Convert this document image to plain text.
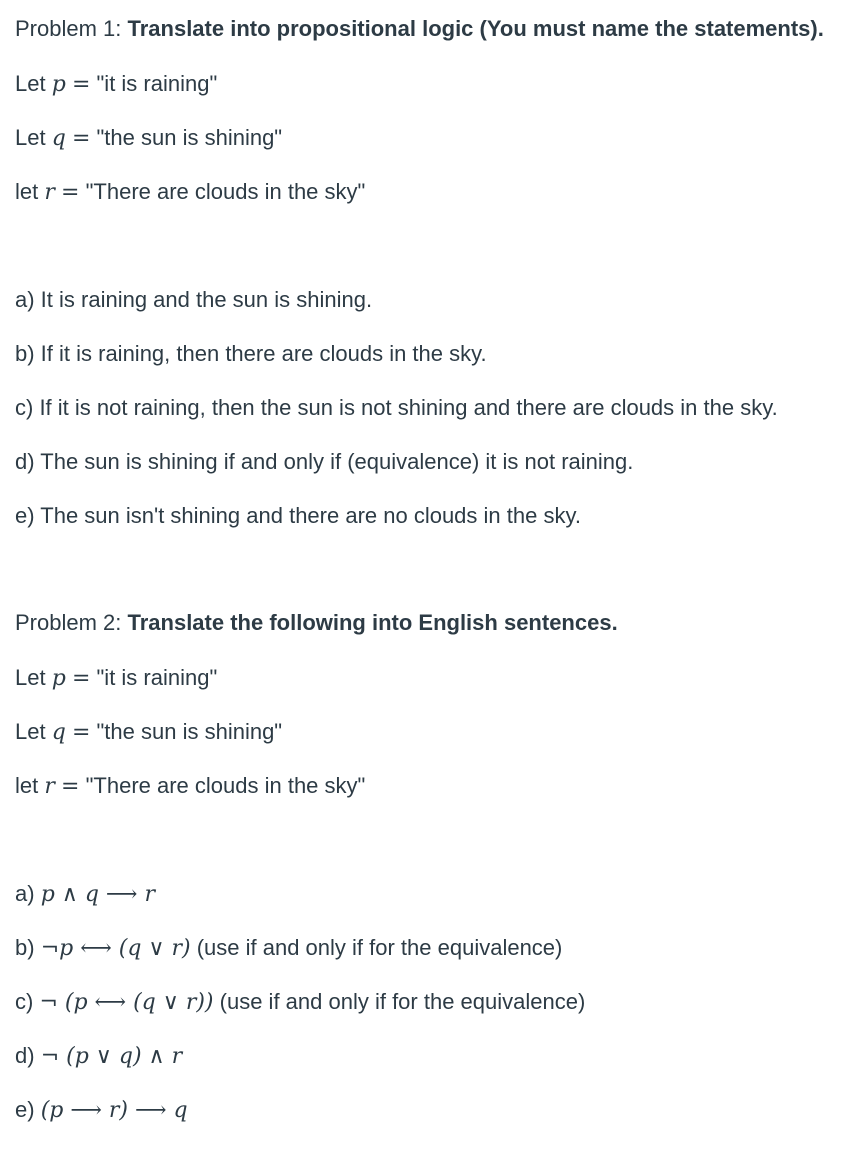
Problem 1: Translate into propositional logic (You must name the statements).
Let p = "it is raining"
Let q = "the sun is shining"
let r = "There are clouds in the sky"
a) It is raining and the sun is shining.
b) If it is raining, then there are clouds in the sky.
c) If it is not raining, then the sun is not shining and there are clouds in the sky.
d) The sun is shining if and only if (equivalence) it is not raining.
e) The sun isn't shining and there are no clouds in the sky.
Problem 2: Translate the following into English sentences.
Let p = "it is raining"
Let q = "the sun is shining"
let r = "There are clouds in the sky"
a) p ∧ q ⟶ r
b) ¬p ⟷ (q ∨ r) (use if and only if for the equivalence)
c) ¬ (p ⟷ (q ∨ r)) (use if and only if for the equivalence)
d) ¬ (p ∨ q) ∧ r
e) (p ⟶ r) ⟶ q
